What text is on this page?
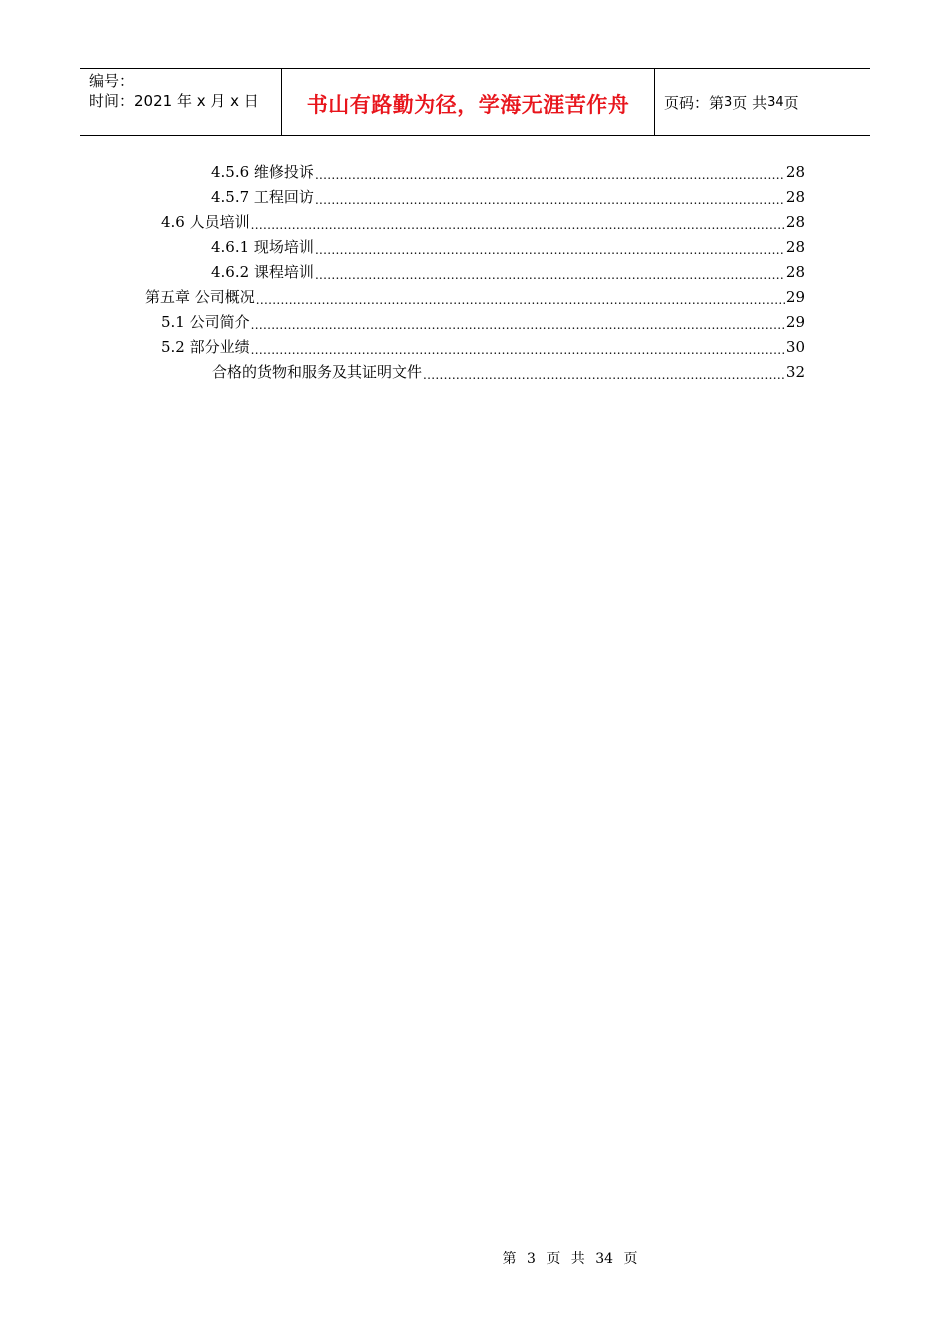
编号：
时间：2021 年 x 月 x 日	书山有路勤为径，学海无涯苦作舟 页码：第 3 页 共 34 页
4.5.6 维修投诉 .....	28
4.5.7 工程回访 .....	28
4.6 人员培训 .....	28
4.6.1 现场培训 .....	28
4.6.2 课程培训 .....	28
第五章 公司概况 .....	29
5.1 公司简介 .....	29
5.2 部分业绩 .....	30
合格的货物和服务及其证明文件 .....	32
第 3 页 共 34 页
